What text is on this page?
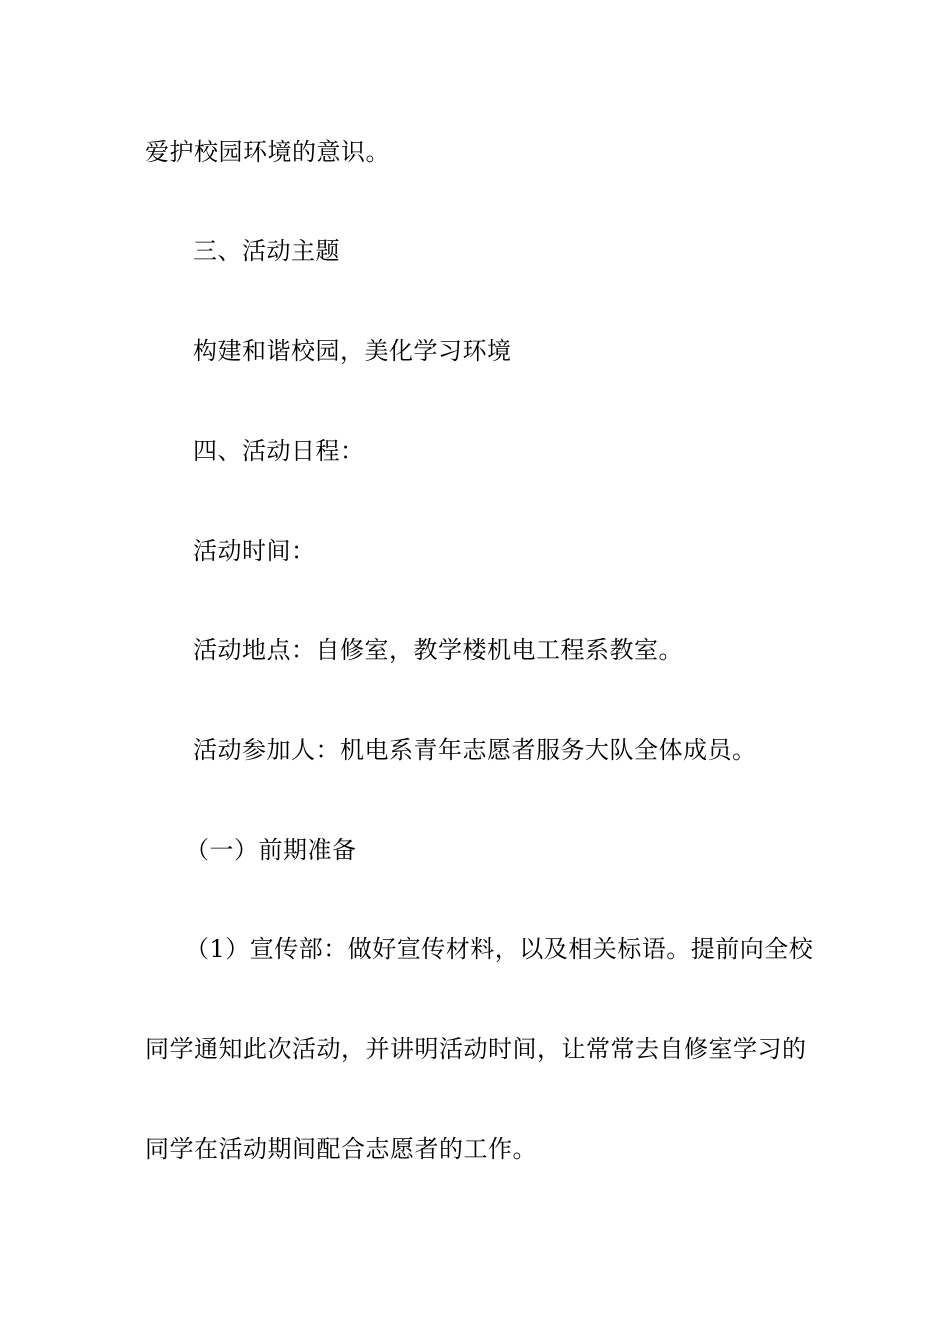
爱护校园环境的意识。
三、活动主题
构建和谐校园，美化学习环境
四、活动日程：
活动时间：
活动地点：自修室，教学楼机电工程系教室。
活动参加人：机电系青年志愿者服务大队全体成员。
（一）前期准备
（1）宣传部：做好宣传材料，以及相关标语。提前向全校
同学通知此次活动，并讲明活动时间，让常常去自修室学习的
同学在活动期间配合志愿者的工作。
